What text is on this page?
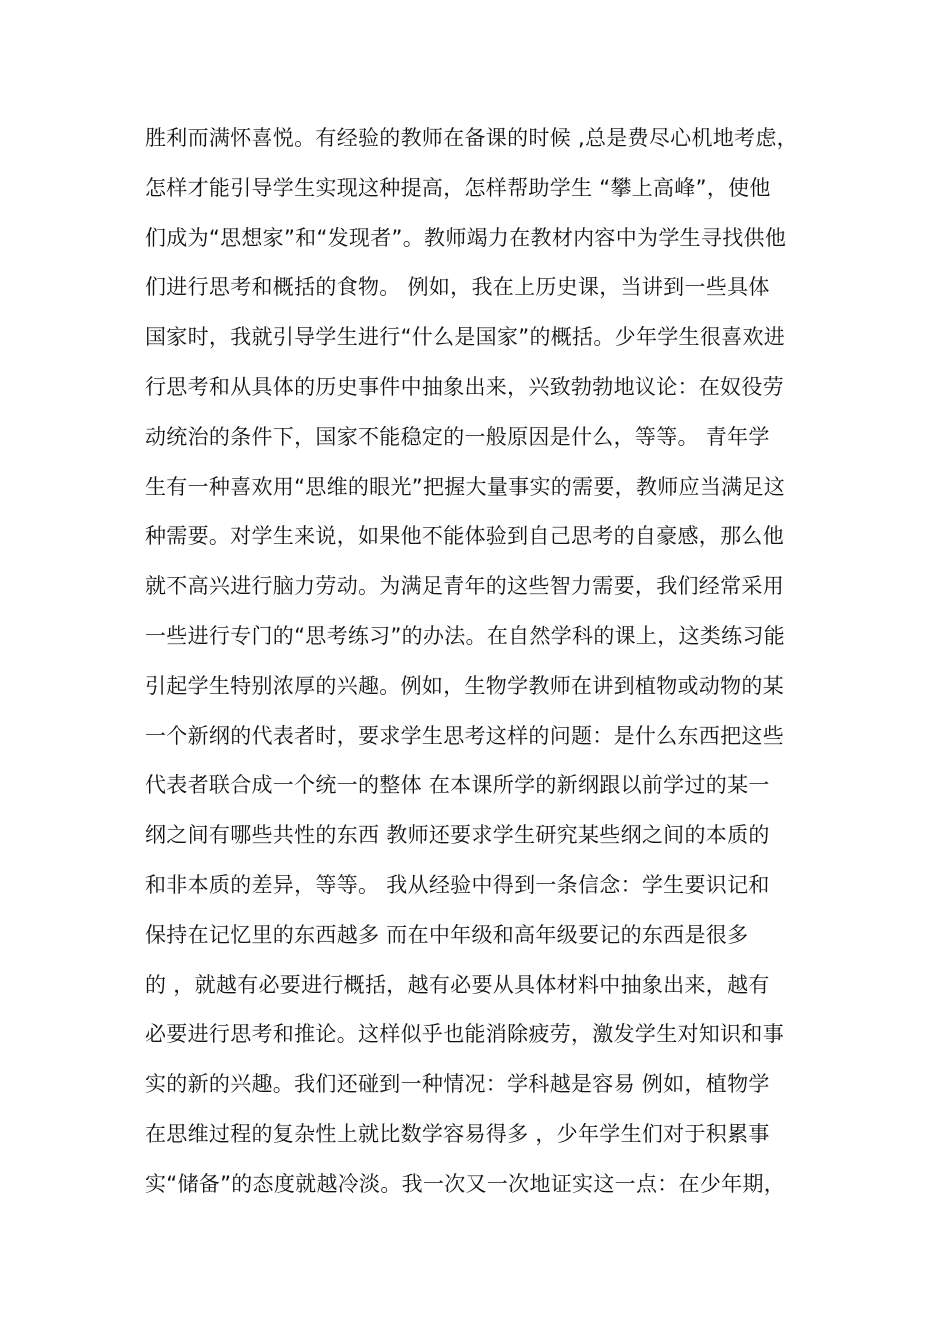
胜利而满怀喜悦。有经验的教师在备课的时候 ,总是费尽心机地考虑，
怎样才能引导学生实现这种提高，怎样帮助学生 “攀上高峰”，使他
们成为“思想家”和“发现者”。教师竭力在教材内容中为学生寻找供他
们进行思考和概括的食物。 例如，我在上历史课，当讲到一些具体
国家时，我就引导学生进行“什么是国家”的概括。少年学生很喜欢进
行思考和从具体的历史事件中抽象出来，兴致勃勃地议论：在奴役劳
动统治的条件下，国家不能稳定的一般原因是什么，等等。 青年学
生有一种喜欢用“思维的眼光”把握大量事实的需要，教师应当满足这
种需要。对学生来说，如果他不能体验到自己思考的自豪感，那么他
就不高兴进行脑力劳动。为满足青年的这些智力需要，我们经常采用
一些进行专门的“思考练习”的办法。在自然学科的课上，这类练习能
引起学生特别浓厚的兴趣。例如，生物学教师在讲到植物或动物的某
一个新纲的代表者时，要求学生思考这样的问题：是什么东西把这些
代表者联合成一个统一的整体 在本课所学的新纲跟以前学过的某一
纲之间有哪些共性的东西 教师还要求学生研究某些纲之间的本质的
和非本质的差异，等等。 我从经验中得到一条信念：学生要识记和
保持在记忆里的东西越多 而在中年级和高年级要记的东西是很多
的 ，就越有必要进行概括，越有必要从具体材料中抽象出来，越有
必要进行思考和推论。这样似乎也能消除疲劳，激发学生对知识和事
实的新的兴趣。我们还碰到一种情况：学科越是容易 例如，植物学
在思维过程的复杂性上就比数学容易得多 ，少年学生们对于积累事
实“储备”的态度就越冷淡。我一次又一次地证实这一点：在少年期，
